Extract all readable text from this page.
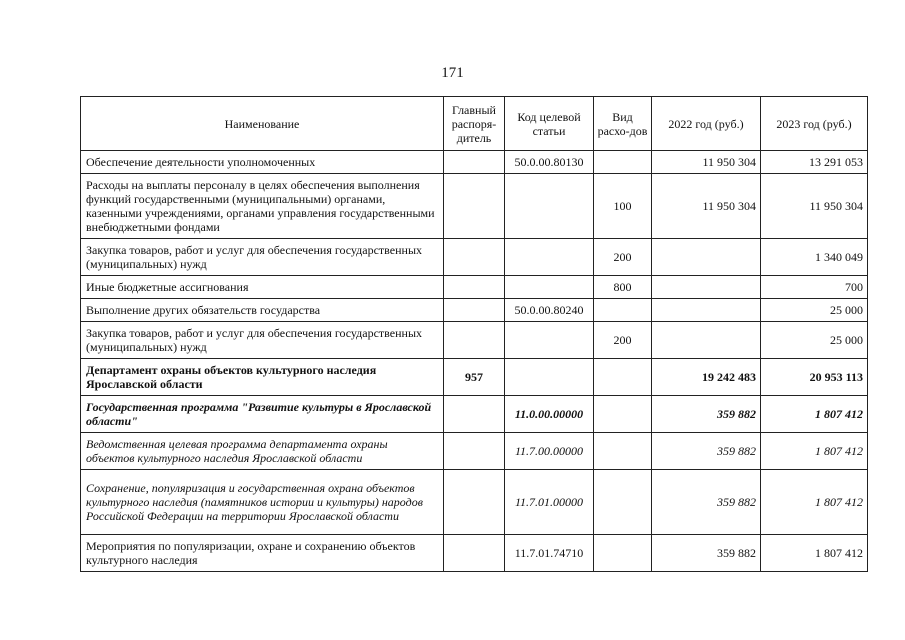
171
Наименование	Главный распоря-дитель	Код целевой статьи	Вид расхо-дов	2022 год (руб.)	2023 год (руб.)
Обеспечение деятельности уполномоченных		50.0.00.80130		11 950 304	13 291 053
Расходы на выплаты персоналу в целях обеспечения выполнения функций государственными (муниципальными) органами, казенными учреждениями, органами управления государственными внебюджетными фондами			100	11 950 304	11 950 304
Закупка товаров, работ и услуг для обеспечения государственных (муниципальных) нужд			200		1 340 049
Иные бюджетные ассигнования			800		700
Выполнение других обязательств государства		50.0.00.80240			25 000
Закупка товаров, работ и услуг для обеспечения государственных (муниципальных) нужд			200		25 000
Департамент охраны объектов культурного наследия Ярославской области	957			19 242 483	20 953 113
Государственная программа "Развитие культуры в Ярославской области"		11.0.00.00000		359 882	1 807 412
Ведомственная целевая программа департамента охраны объектов культурного наследия Ярославской области		11.7.00.00000		359 882	1 807 412
Сохранение, популяризация и государственная охрана объектов культурного наследия (памятников истории и культуры) народов Российской Федерации на территории Ярославской области		11.7.01.00000		359 882	1 807 412
Мероприятия по популяризации, охране и сохранению объектов культурного наследия		11.7.01.74710		359 882	1 807 412
